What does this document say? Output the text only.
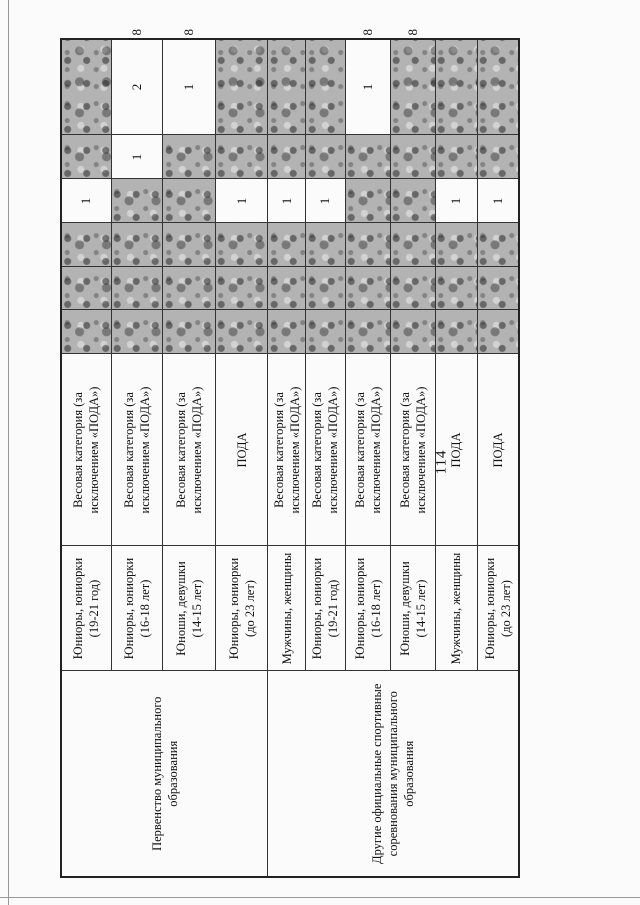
114
Первенство муниципального образования	Юниоры, юниорки (19-21 год)	Весовая категория (за исключением «ПОДА»)				1			
	Юниоры, юниорки (16-18 лет)	Весовая категория (за исключением «ПОДА»)					1	2	8
	Юноши, девушки (14-15 лет)	Весовая категория (за исключением «ПОДА»)						1	8
	Юниоры, юниорки (до 23 лет)	ПОДА				1			
Другие официальные спортивные соревнования муниципального образования	Мужчины, женщины	Весовая категория (за исключением «ПОДА»)				1			
	Юниоры, юниорки (19-21 год)	Весовая категория (за исключением «ПОДА»)				1			
	Юниоры, юниорки (16-18 лет)	Весовая категория (за исключением «ПОДА»)						1	8
	Юноши, девушки (14-15 лет)	Весовая категория (за исключением «ПОДА»)							8
	Мужчины, женщины	ПОДА				1			
	Юниоры, юниорки (до 23 лет)	ПОДА				1			
